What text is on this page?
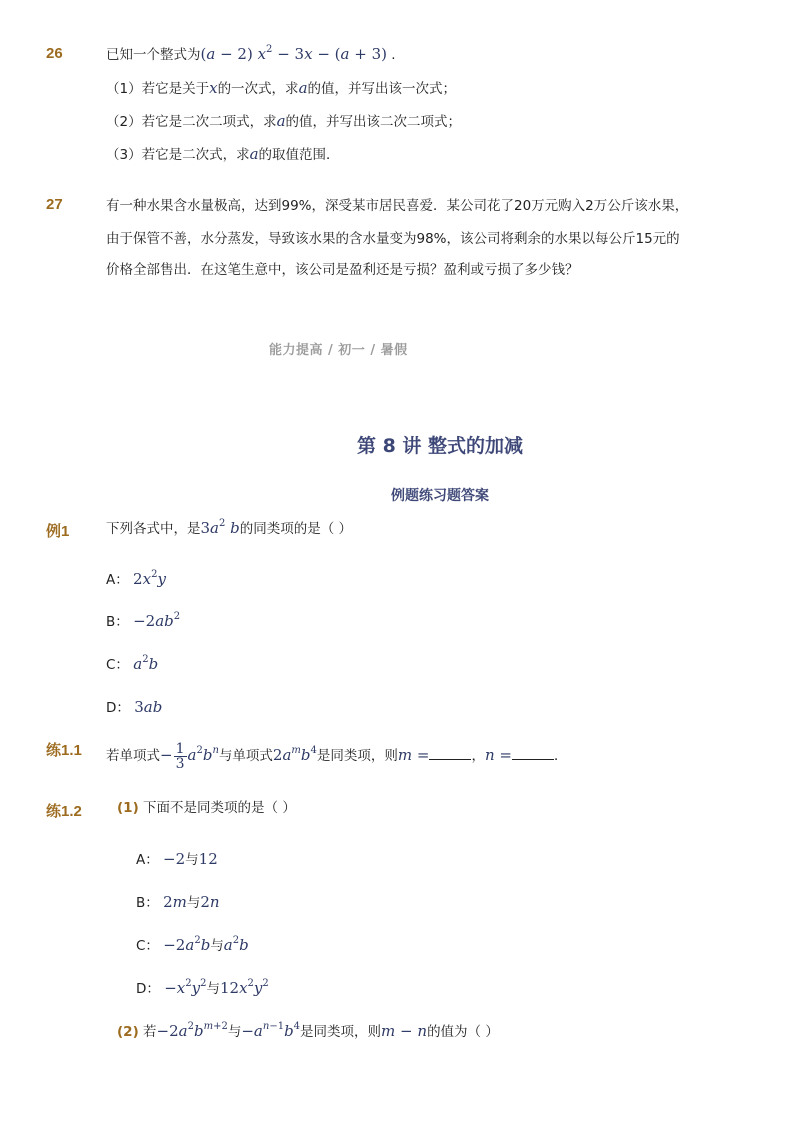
26	已知一个整式为(a − 2) $x^2 - 3x - (a + 3)$ .
（1）若它是关于x的一次式，求a的值，并写出该一次式；
（2）若它是二次二项式，求a的值，并写出该二次二项式；
（3）若它是二次式，求a的取值范围．
27	有一种水果含水量极高，达到99%，深受某市居民喜爱．某公司花了20万元购入2万公斤该水果，
由于保管不善，水分蒸发，导致该水果的含水量变为98%，该公司将剩余的水果以每公斤15元的
价格全部售出．在这笔生意中，该公司是盈利还是亏损？盈利或亏损了多少钱？
能力提高 / 初一 / 暑假
第 8 讲 整式的加减
例题练习题答案
例1	下列各式中，是$3a^2$ b的同类项的是（ ）
A： $2x^2y$
B： $-2ab^2$
C： $a^2b$
D： 3ab
练1.1 若单项式− $\frac{1}{3} a^2b^n$与单项式$2a^mb^4$是同类项，则m =	，n =	．
练1.2	(1) 下面不是同类项的是（ ）
A： −2与12
B： 2m与2n
C： $-2a^2b$与$a^2b$
D： $-x^2y^2$与$12x^2y^2$
(2) 若$-2a^2b^{m+2}$与$-a^{n-1}b^4$是同类项，则m − n的值为（ ）
